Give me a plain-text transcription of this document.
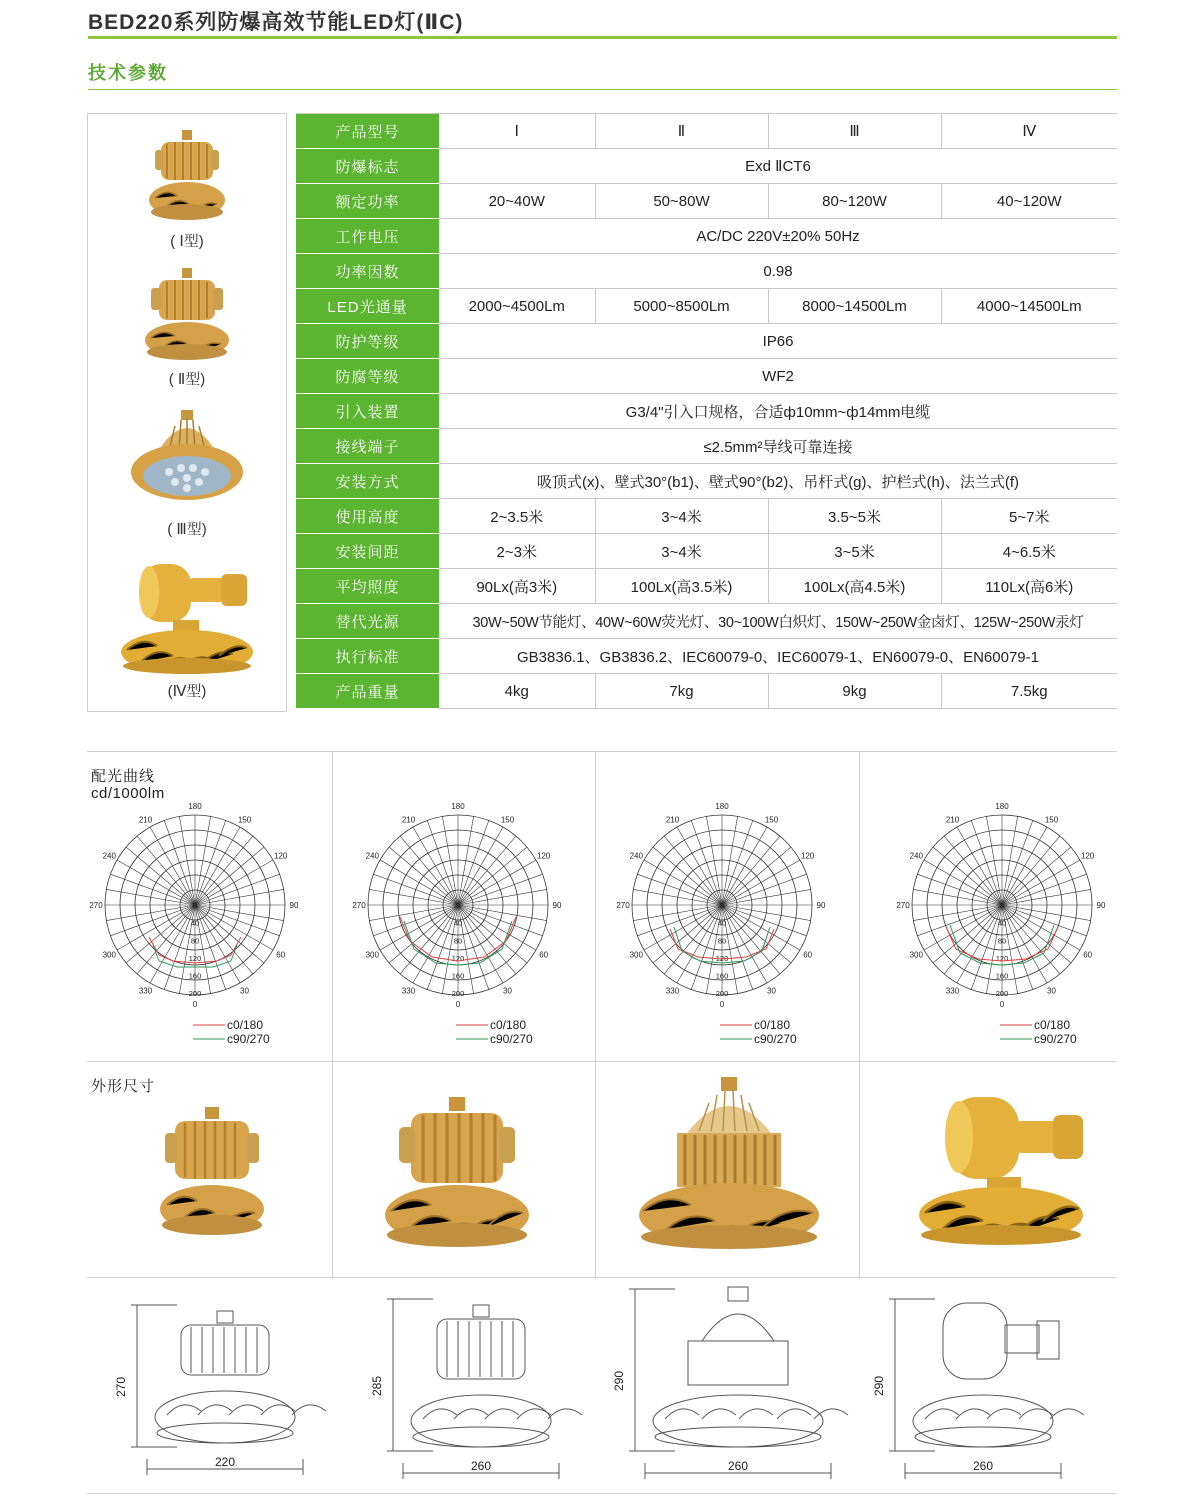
BED220系列防爆高效节能LED灯(ⅡC)
技术参数
( Ⅰ型)
( Ⅱ型)
( Ⅲ型)
(Ⅳ型)
产品型号	Ⅰ	Ⅱ	Ⅲ	Ⅳ
防爆标志	Exd ⅡCT6			
额定功率	20~40W	50~80W	80~120W	40~120W
工作电压	AC/DC 220V±20% 50Hz			
功率因数	0.98			
LED光通量	2000~4500Lm	5000~8500Lm	8000~14500Lm	4000~14500Lm
防护等级	IP66			
防腐等级	WF2			
引入装置	G3/4"引入口规格，合适ф10mm~ф14mm电缆			
接线端子	≤2.5mm²导线可靠连接			
安装方式	吸顶式(x)、壁式30°(b1)、壁式90°(b2)、吊杆式(g)、护栏式(h)、法兰式(f)			
使用高度	2~3.5米	3~4米	3.5~5米	5~7米
安装间距	2~3米	3~4米	3~5米	4~6.5米
平均照度	90Lx(高3米)	100Lx(高3.5米)	100Lx(高4.5米)	110Lx(高6米)
替代光源	30W~50W节能灯、40W~60W荧光灯、30~100W白炽灯、150W~250W金卤灯、125W~250W汞灯			
执行标准	GB3836.1、GB3836.2、IEC60079-0、IEC60079-1、EN60079-0、EN60079-1			
产品重量	4kg	7kg	9kg	7.5kg
配光曲线
cd/1000lm
外形尺寸
180
150
120
90
60
30
0
330
300
270
240
210
0
40
80
120
160
200
c0/180
c90/270
180
150
120
90
60
30
0
330
300
270
240
210
0
40
80
120
160
200
c0/180
c90/270
180
150
120
90
60
30
0
330
300
270
240
210
0
40
80
120
160
200
c0/180
c90/270
180
150
120
90
60
30
0
330
300
270
240
210
0
40
80
120
160
200
c0/180
c90/270
270
220
285
260
290
260
290
260
